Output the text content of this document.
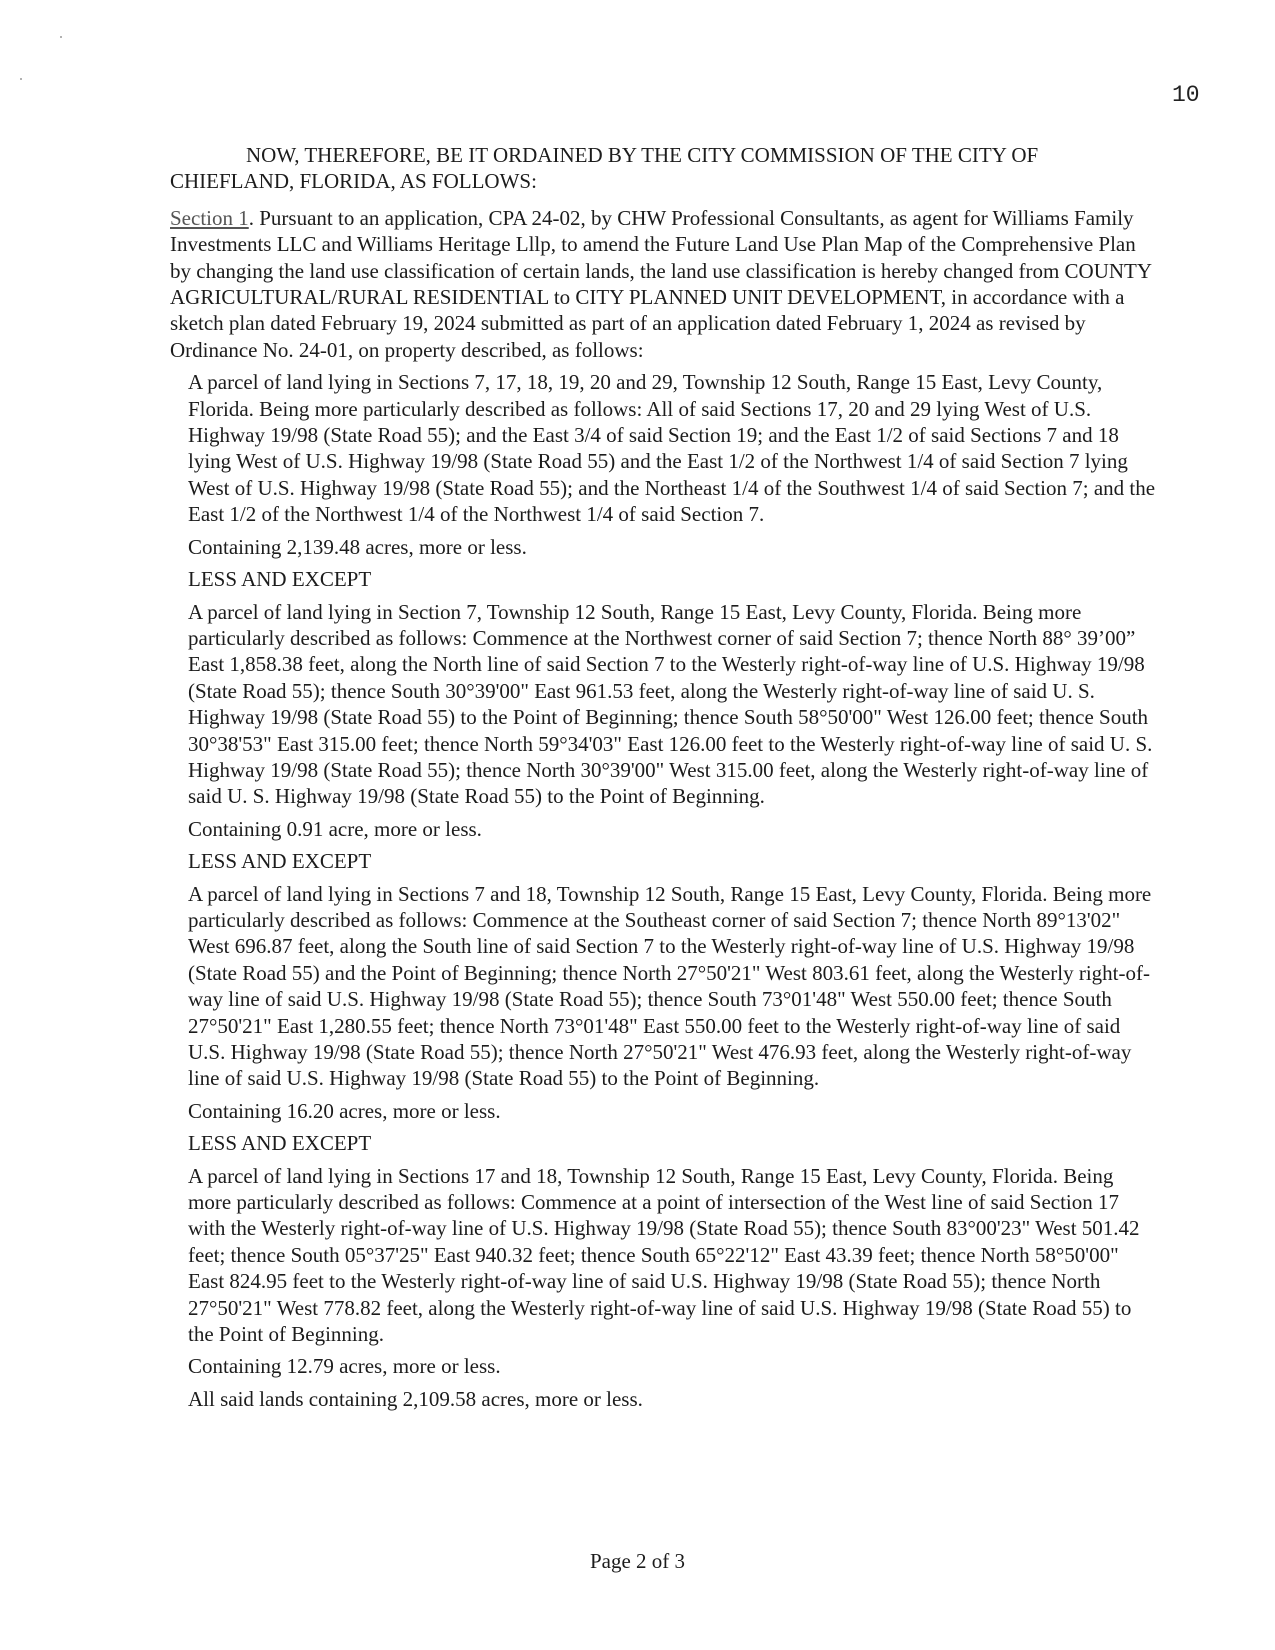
10

NOW, THEREFORE, BE IT ORDAINED BY THE CITY COMMISSION OF THE CITY OF CHIEFLAND, FLORIDA, AS FOLLOWS:

Section 1. Pursuant to an application, CPA 24-02, by CHW Professional Consultants, as agent for Williams Family Investments LLC and Williams Heritage Lllp, to amend the Future Land Use Plan Map of the Comprehensive Plan by changing the land use classification of certain lands, the land use classification is hereby changed from COUNTY AGRICULTURAL/RURAL RESIDENTIAL to CITY PLANNED UNIT DEVELOPMENT, in accordance with a sketch plan dated February 19, 2024 submitted as part of an application dated February 1, 2024 as revised by Ordinance No. 24-01, on property described, as follows:

A parcel of land lying in Sections 7, 17, 18, 19, 20 and 29, Township 12 South, Range 15 East, Levy County, Florida. Being more particularly described as follows: All of said Sections 17, 20 and 29 lying West of U.S. Highway 19/98 (State Road 55); and the East 3/4 of said Section 19; and the East 1/2 of said Sections 7 and 18 lying West of U.S. Highway 19/98 (State Road 55) and the East 1/2 of the Northwest 1/4 of said Section 7 lying West of U.S. Highway 19/98 (State Road 55); and the Northeast 1/4 of the Southwest 1/4 of said Section 7; and the East 1/2 of the Northwest 1/4 of the Northwest 1/4 of said Section 7.

Containing 2,139.48 acres, more or less.

LESS AND EXCEPT

A parcel of land lying in Section 7, Township 12 South, Range 15 East, Levy County, Florida. Being more particularly described as follows: Commence at the Northwest corner of said Section 7; thence North 88° 39’00” East 1,858.38 feet, along the North line of said Section 7 to the Westerly right-of-way line of U.S. Highway 19/98 (State Road 55); thence South 30°39'00" East 961.53 feet, along the Westerly right-of-way line of said U. S. Highway 19/98 (State Road 55) to the Point of Beginning; thence South 58°50'00" West 126.00 feet; thence South 30°38'53" East 315.00 feet; thence North 59°34'03" East 126.00 feet to the Westerly right-of-way line of said U. S. Highway 19/98 (State Road 55); thence North 30°39'00" West 315.00 feet, along the Westerly right-of-way line of said U. S. Highway 19/98 (State Road 55) to the Point of Beginning.

Containing 0.91 acre, more or less.

LESS AND EXCEPT

A parcel of land lying in Sections 7 and 18, Township 12 South, Range 15 East, Levy County, Florida. Being more particularly described as follows: Commence at the Southeast corner of said Section 7; thence North 89°13'02" West 696.87 feet, along the South line of said Section 7 to the Westerly right-of-way line of U.S. Highway 19/98 (State Road 55) and the Point of Beginning; thence North 27°50'21" West 803.61 feet, along the Westerly right-of-way line of said U.S. Highway 19/98 (State Road 55); thence South 73°01'48" West 550.00 feet; thence South 27°50'21" East 1,280.55 feet; thence North 73°01'48" East 550.00 feet to the Westerly right-of-way line of said U.S. Highway 19/98 (State Road 55); thence North 27°50'21" West 476.93 feet, along the Westerly right-of-way line of said U.S. Highway 19/98 (State Road 55) to the Point of Beginning.

Containing 16.20 acres, more or less.

LESS AND EXCEPT

A parcel of land lying in Sections 17 and 18, Township 12 South, Range 15 East, Levy County, Florida. Being more particularly described as follows: Commence at a point of intersection of the West line of said Section 17 with the Westerly right-of-way line of U.S. Highway 19/98 (State Road 55); thence South 83°00'23" West 501.42 feet; thence South 05°37'25" East 940.32 feet; thence South 65°22'12" East 43.39 feet; thence North 58°50'00" East 824.95 feet to the Westerly right-of-way line of said U.S. Highway 19/98 (State Road 55); thence North 27°50'21" West 778.82 feet, along the Westerly right-of-way line of said U.S. Highway 19/98 (State Road 55) to the Point of Beginning.

Containing 12.79 acres, more or less.

All said lands containing 2,109.58 acres, more or less.

Page 2 of 3
